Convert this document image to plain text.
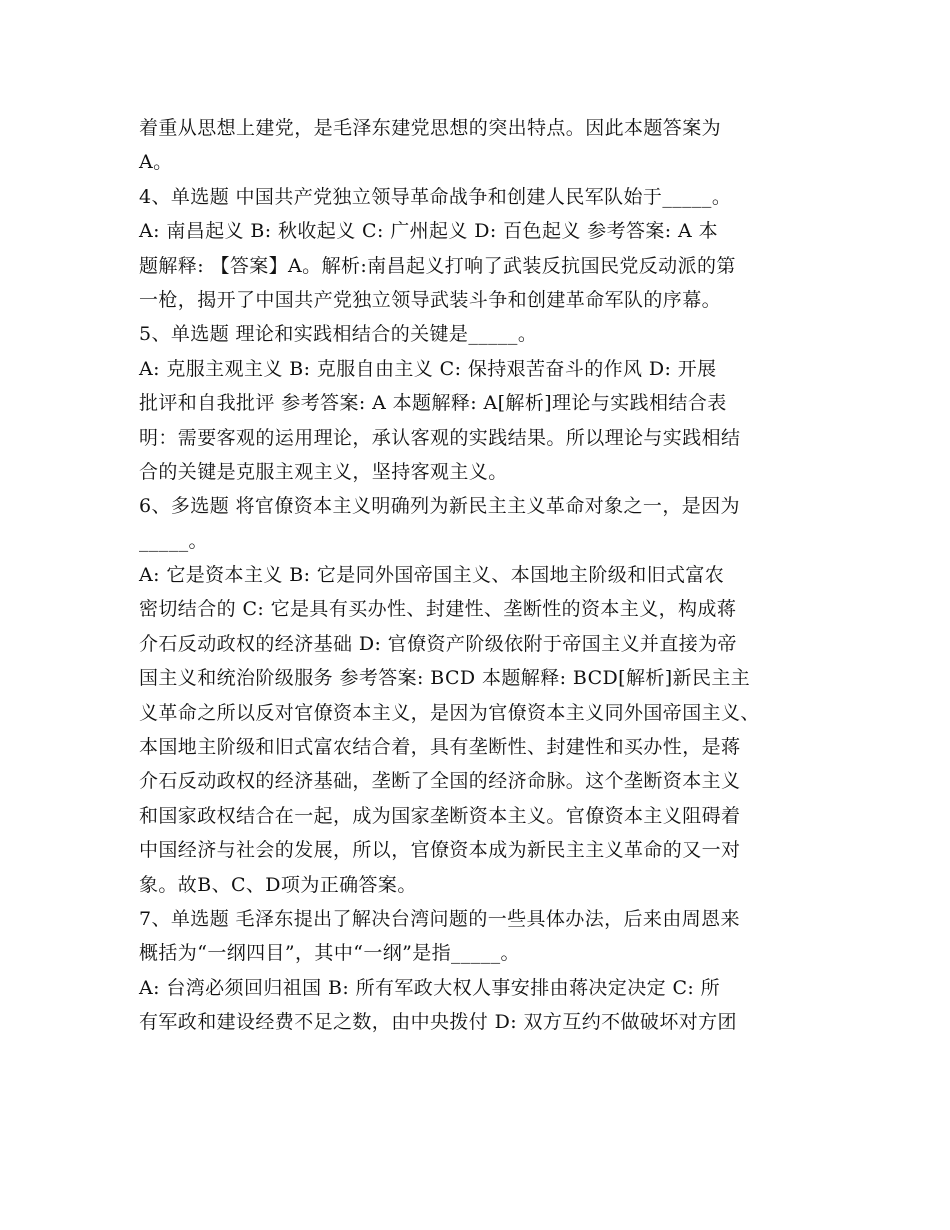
着重从思想上建党，是毛泽东建党思想的突出特点。因此本题答案为
A。
4、单选题 中国共产党独立领导革命战争和创建人民军队始于_____。
A: 南昌起义 B: 秋收起义 C: 广州起义 D: 百色起义 参考答案: A 本
题解释: 【答案】A。解析:南昌起义打响了武装反抗国民党反动派的第
一枪，揭开了中国共产党独立领导武装斗争和创建革命军队的序幕。
5、单选题 理论和实践相结合的关键是_____。
A: 克服主观主义 B: 克服自由主义 C: 保持艰苦奋斗的作风 D: 开展
批评和自我批评 参考答案: A 本题解释: A[解析]理论与实践相结合表
明：需要客观的运用理论，承认客观的实践结果。所以理论与实践相结
合的关键是克服主观主义，坚持客观主义。
6、多选题 将官僚资本主义明确列为新民主主义革命对象之一，是因为
_____。
A: 它是资本主义 B: 它是同外国帝国主义、本国地主阶级和旧式富农
密切结合的 C: 它是具有买办性、封建性、垄断性的资本主义，构成蒋
介石反动政权的经济基础 D: 官僚资产阶级依附于帝国主义并直接为帝
国主义和统治阶级服务 参考答案: BCD 本题解释: BCD[解析]新民主主
义革命之所以反对官僚资本主义，是因为官僚资本主义同外国帝国主义、
本国地主阶级和旧式富农结合着，具有垄断性、封建性和买办性，是蒋
介石反动政权的经济基础，垄断了全国的经济命脉。这个垄断资本主义
和国家政权结合在一起，成为国家垄断资本主义。官僚资本主义阻碍着
中国经济与社会的发展，所以，官僚资本成为新民主主义革命的又一对
象。故B、C、D项为正确答案。
7、单选题 毛泽东提出了解决台湾问题的一些具体办法，后来由周恩来
概括为“一纲四目”，其中“一纲”是指_____。
A: 台湾必须回归祖国 B: 所有军政大权人事安排由蒋决定决定 C: 所
有军政和建设经费不足之数，由中央拨付 D: 双方互约不做破坏对方团
